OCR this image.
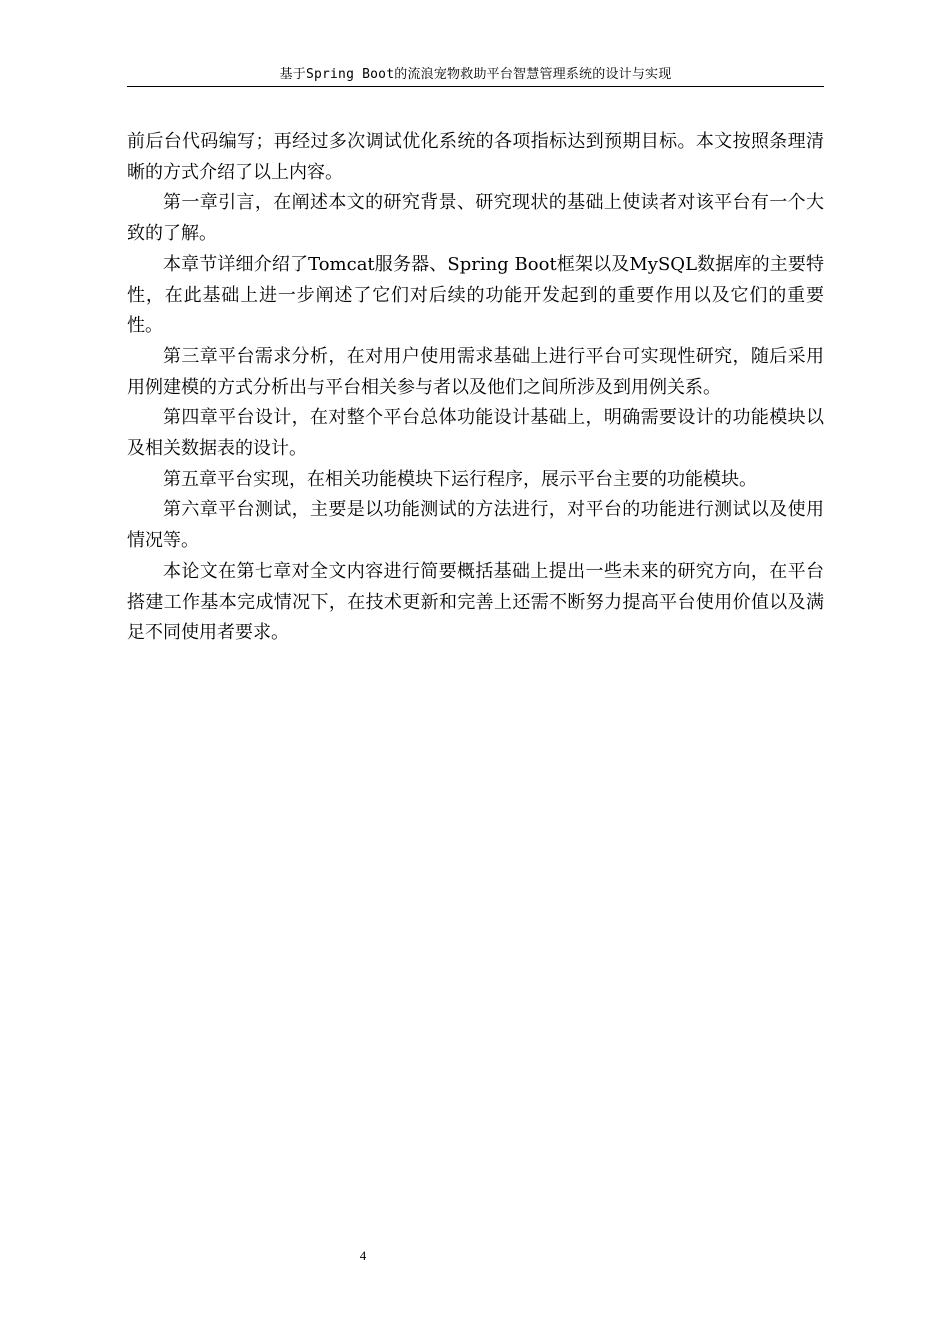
基于Spring Boot的流浪宠物救助平台智慧管理系统的设计与实现

前后台代码编写；再经过多次调试优化系统的各项指标达到预期目标。本文按照条理清晰的方式介绍了以上内容。

第一章引言，在阐述本文的研究背景、研究现状的基础上使读者对该平台有一个大致的了解。

本章节详细介绍了Tomcat服务器、Spring Boot框架以及MySQL数据库的主要特性，在此基础上进一步阐述了它们对后续的功能开发起到的重要作用以及它们的重要性。

第三章平台需求分析，在对用户使用需求基础上进行平台可实现性研究，随后采用用例建模的方式分析出与平台相关参与者以及他们之间所涉及到用例关系。

第四章平台设计，在对整个平台总体功能设计基础上，明确需要设计的功能模块以及相关数据表的设计。

第五章平台实现，在相关功能模块下运行程序，展示平台主要的功能模块。

第六章平台测试，主要是以功能测试的方法进行，对平台的功能进行测试以及使用情况等。

本论文在第七章对全文内容进行简要概括基础上提出一些未来的研究方向，在平台搭建工作基本完成情况下，在技术更新和完善上还需不断努力提高平台使用价值以及满足不同使用者要求。

4
